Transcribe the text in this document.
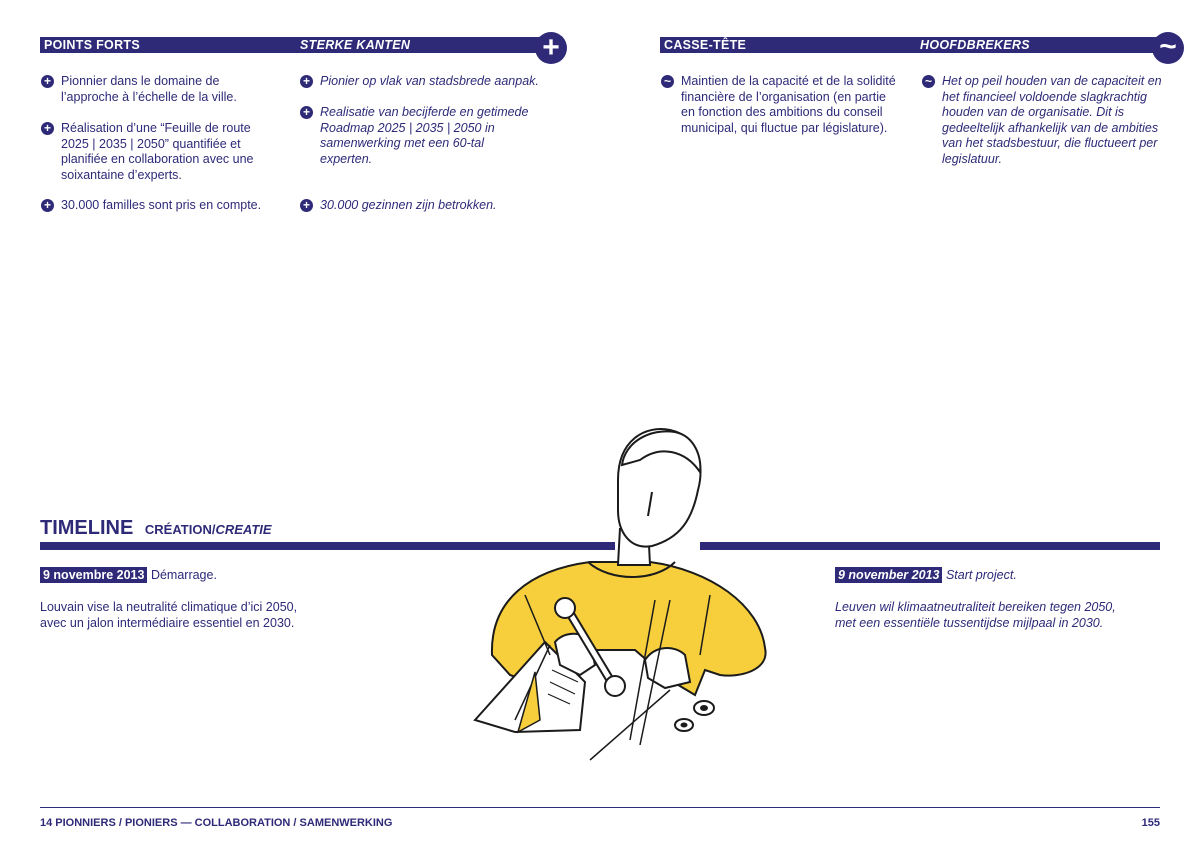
POINTS FORTS	STERKE KANTEN	+	CASSE-TÊTE	HOOFDBREKERS	~
+ Pionnier dans le domaine de l’approche à l’échelle de la ville.
+ Réalisation d’une “Feuille de route 2025 | 2035 | 2050” quantifiée et planifiée en collaboration avec une soixantaine d’experts.
+ 30.000 familles sont pris en compte.
+ Pionier op vlak van stadsbrede aanpak.
+ Realisatie van becijferde en getimede Roadmap 2025 | 2035 | 2050 in samenwerking met een 60-tal experten.
+ 30.000 gezinnen zijn betrokken.
~ Maintien de la capacité et de la solidité financière de l’organisation (en partie en fonction des ambitions du conseil municipal, qui fluctue par législature).
~ Het op peil houden van de capaciteit en het financieel voldoende slagkrachtig houden van de organisatie. Dit is gedeeltelijk afhankelijk van de ambities van het stadsbestuur, die fluctueert per legislatuur.
TIMELINE CRÉATION/CREATIE
9 novembre 2013 Démarrage.
Louvain vise la neutralité climatique d’ici 2050, avec un jalon intermédiaire essentiel en 2030.
9 november 2013 Start project.
Leuven wil klimaatneutraliteit bereiken tegen 2050, met een essentiële tussentijdse mijlpaal in 2030.
14 PIONNIERS / PIONIERS — COLLABORATION / SAMENWERKING	155
